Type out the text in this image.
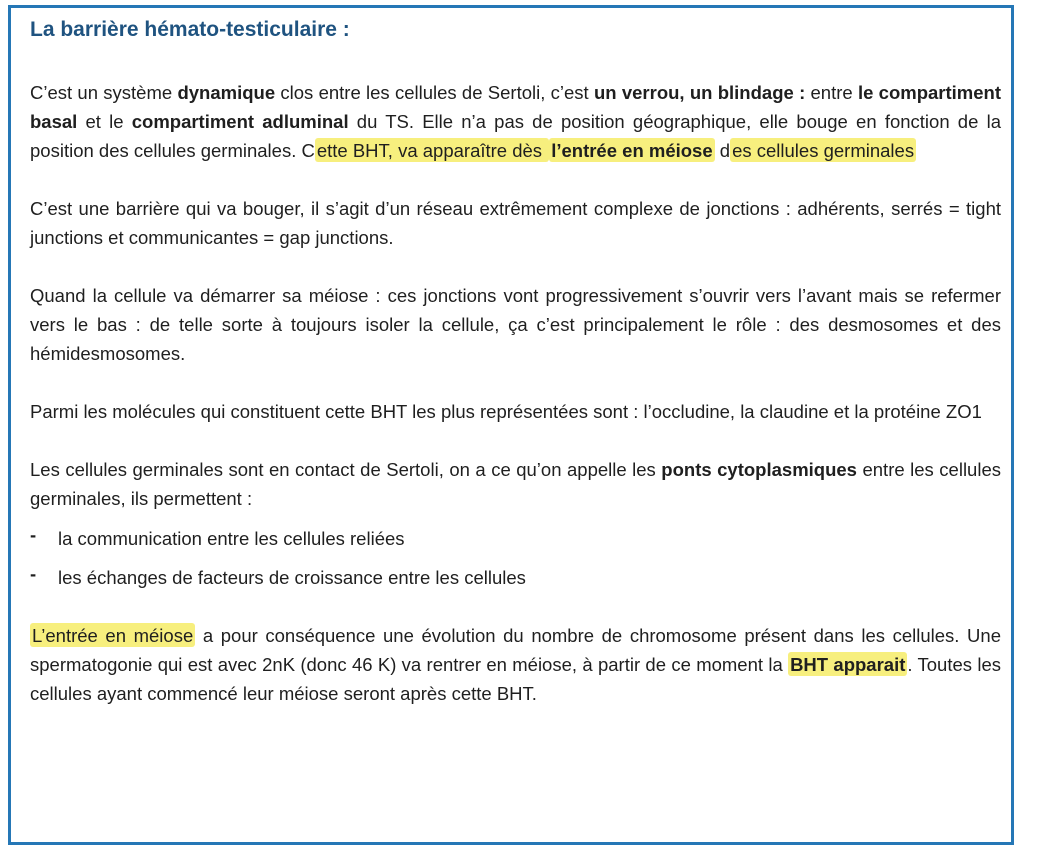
La barrière hémato-testiculaire :

C’est un système dynamique clos entre les cellules de Sertoli, c’est un verrou, un blindage : entre le compartiment basal et le compartiment adluminal du TS. Elle n’a pas de position géographique, elle bouge en fonction de la position des cellules germinales. C ette BHT, va apparaître dès l’entrée en méiose d es cellules germinales

C’est une barrière qui va bouger, il s’agit d’un réseau extrêmement complexe de jonctions : adhérents, serrés = tight junctions et communicantes = gap junctions.

Quand la cellule va démarrer sa méiose : ces jonctions vont progressivement s’ouvrir vers l’avant mais se refermer vers le bas : de telle sorte à toujours isoler la cellule, ça c’est principalement le rôle : des desmosomes et des hémidesmosomes.

Parmi les molécules qui constituent cette BHT les plus représentées sont : l’occludine, la claudine et la protéine ZO1

Les cellules germinales sont en contact de Sertoli, on a ce qu’on appelle les ponts cytoplasmiques entre les cellules germinales, ils permettent :

-	la communication entre les cellules reliées
-	les échanges de facteurs de croissance entre les cellules

L’entrée en méiose a pour conséquence une évolution du nombre de chromosome présent dans les cellules. Une spermatogonie qui est avec 2nK (donc 46 K) va rentrer en méiose, à partir de ce moment la BHT apparait . Toutes les cellules ayant commencé leur méiose seront après cette BHT.
